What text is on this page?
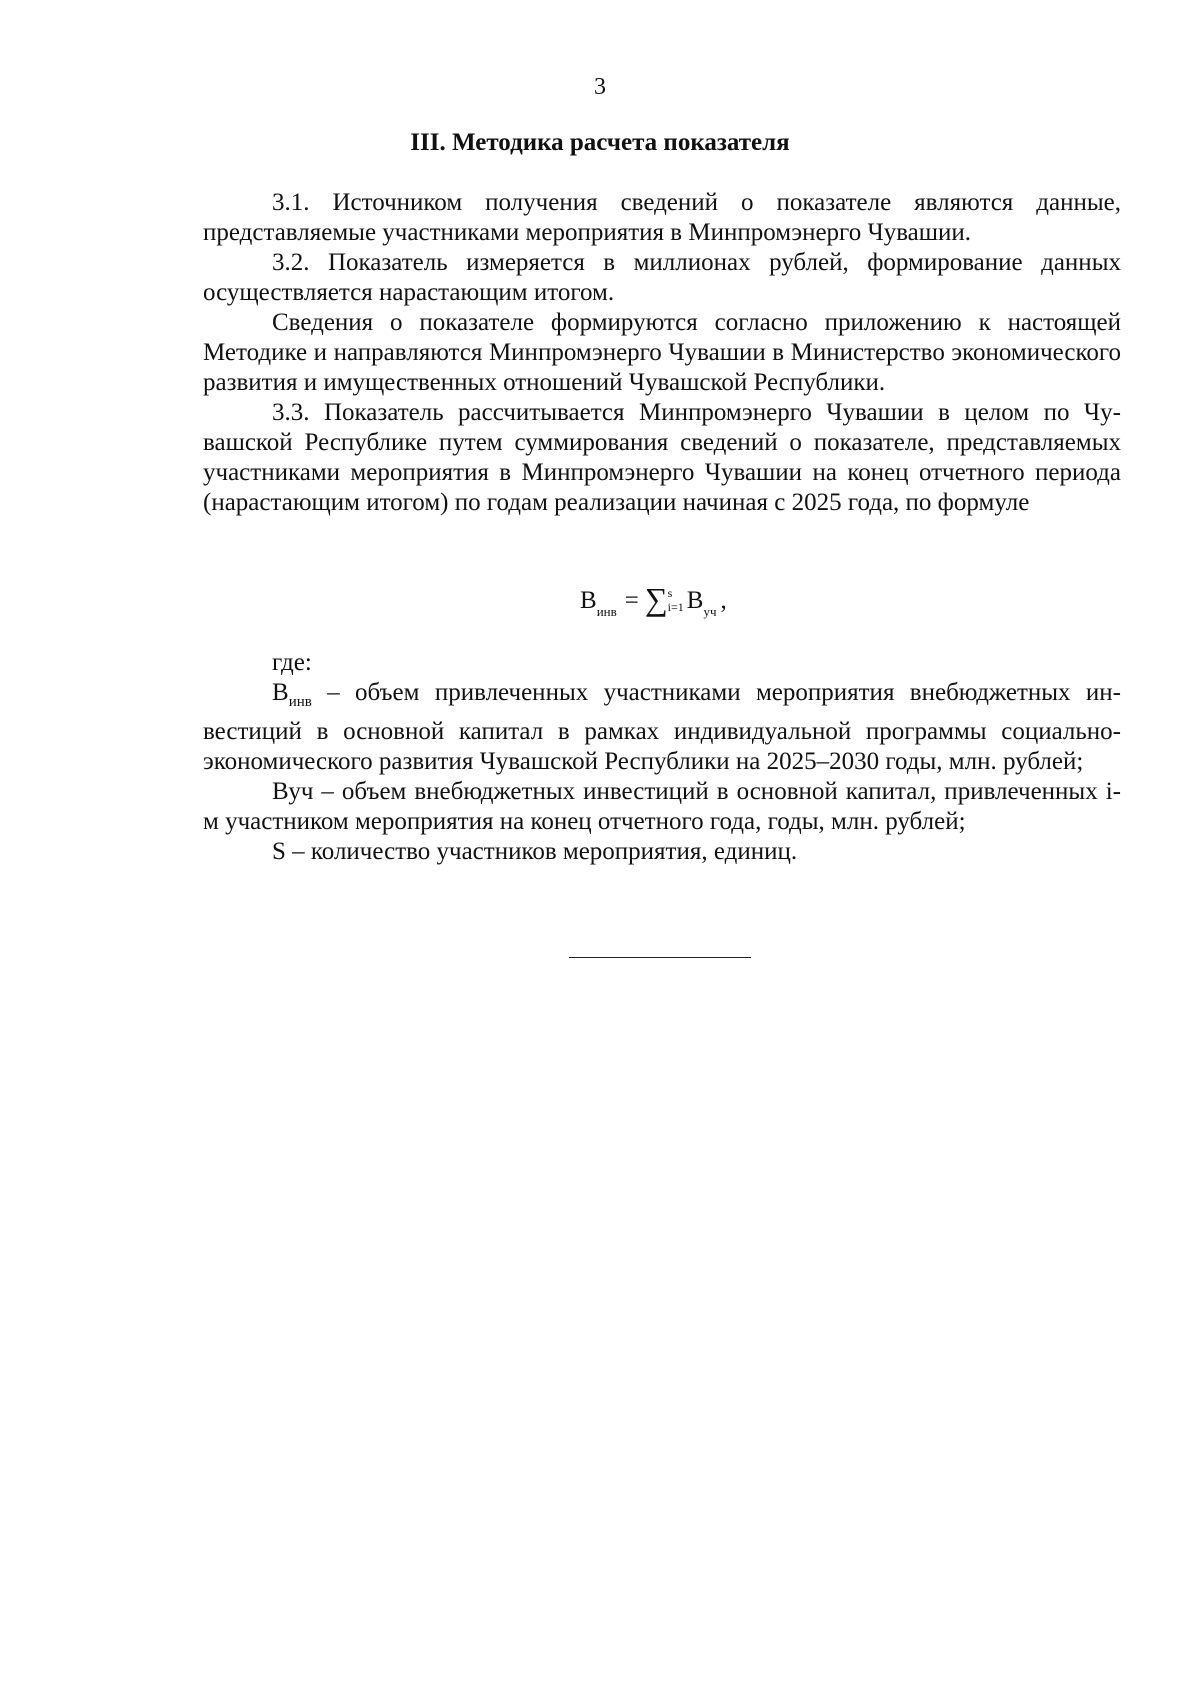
3
III. Методика расчета показателя

3.1. Источником получения сведений о показателе являются данные, представляемые участниками мероприятия в Минпромэнерго Чувашии.

3.2. Показатель измеряется в миллионах рублей, формирование данных осуществляется нарастающим итогом.

Сведения о показателе формируются согласно приложению к настоящей Методике и направляются Минпромэнерго Чувашии в Министерство экономического развития и имущественных отношений Чувашской Республики.

3.3. Показатель рассчитывается Минпромэнерго Чувашии в целом по Чувашской Республике путем суммирования сведений о показателе, представляемых участниками мероприятия в Минпромэнерго Чувашии на конец отчетного периода (нарастающим итогом) по годам реализации начиная с 2025 года, по формуле

$В_{инв}$ = ∑ s
i=1 $В_{уч}$ ,

где:

$В_{инв}$ – объем привлеченных участниками мероприятия внебюджетных инвестиций в основной капитал в рамках индивидуальной программы социально-экономического развития Чувашской Республики на 2025–2030 годы, млн. рублей;

Вуч – объем внебюджетных инвестиций в основной капитал, привлеченных i-м участником мероприятия на конец отчетного года, годы, млн. рублей;

S – количество участников мероприятия, единиц.
